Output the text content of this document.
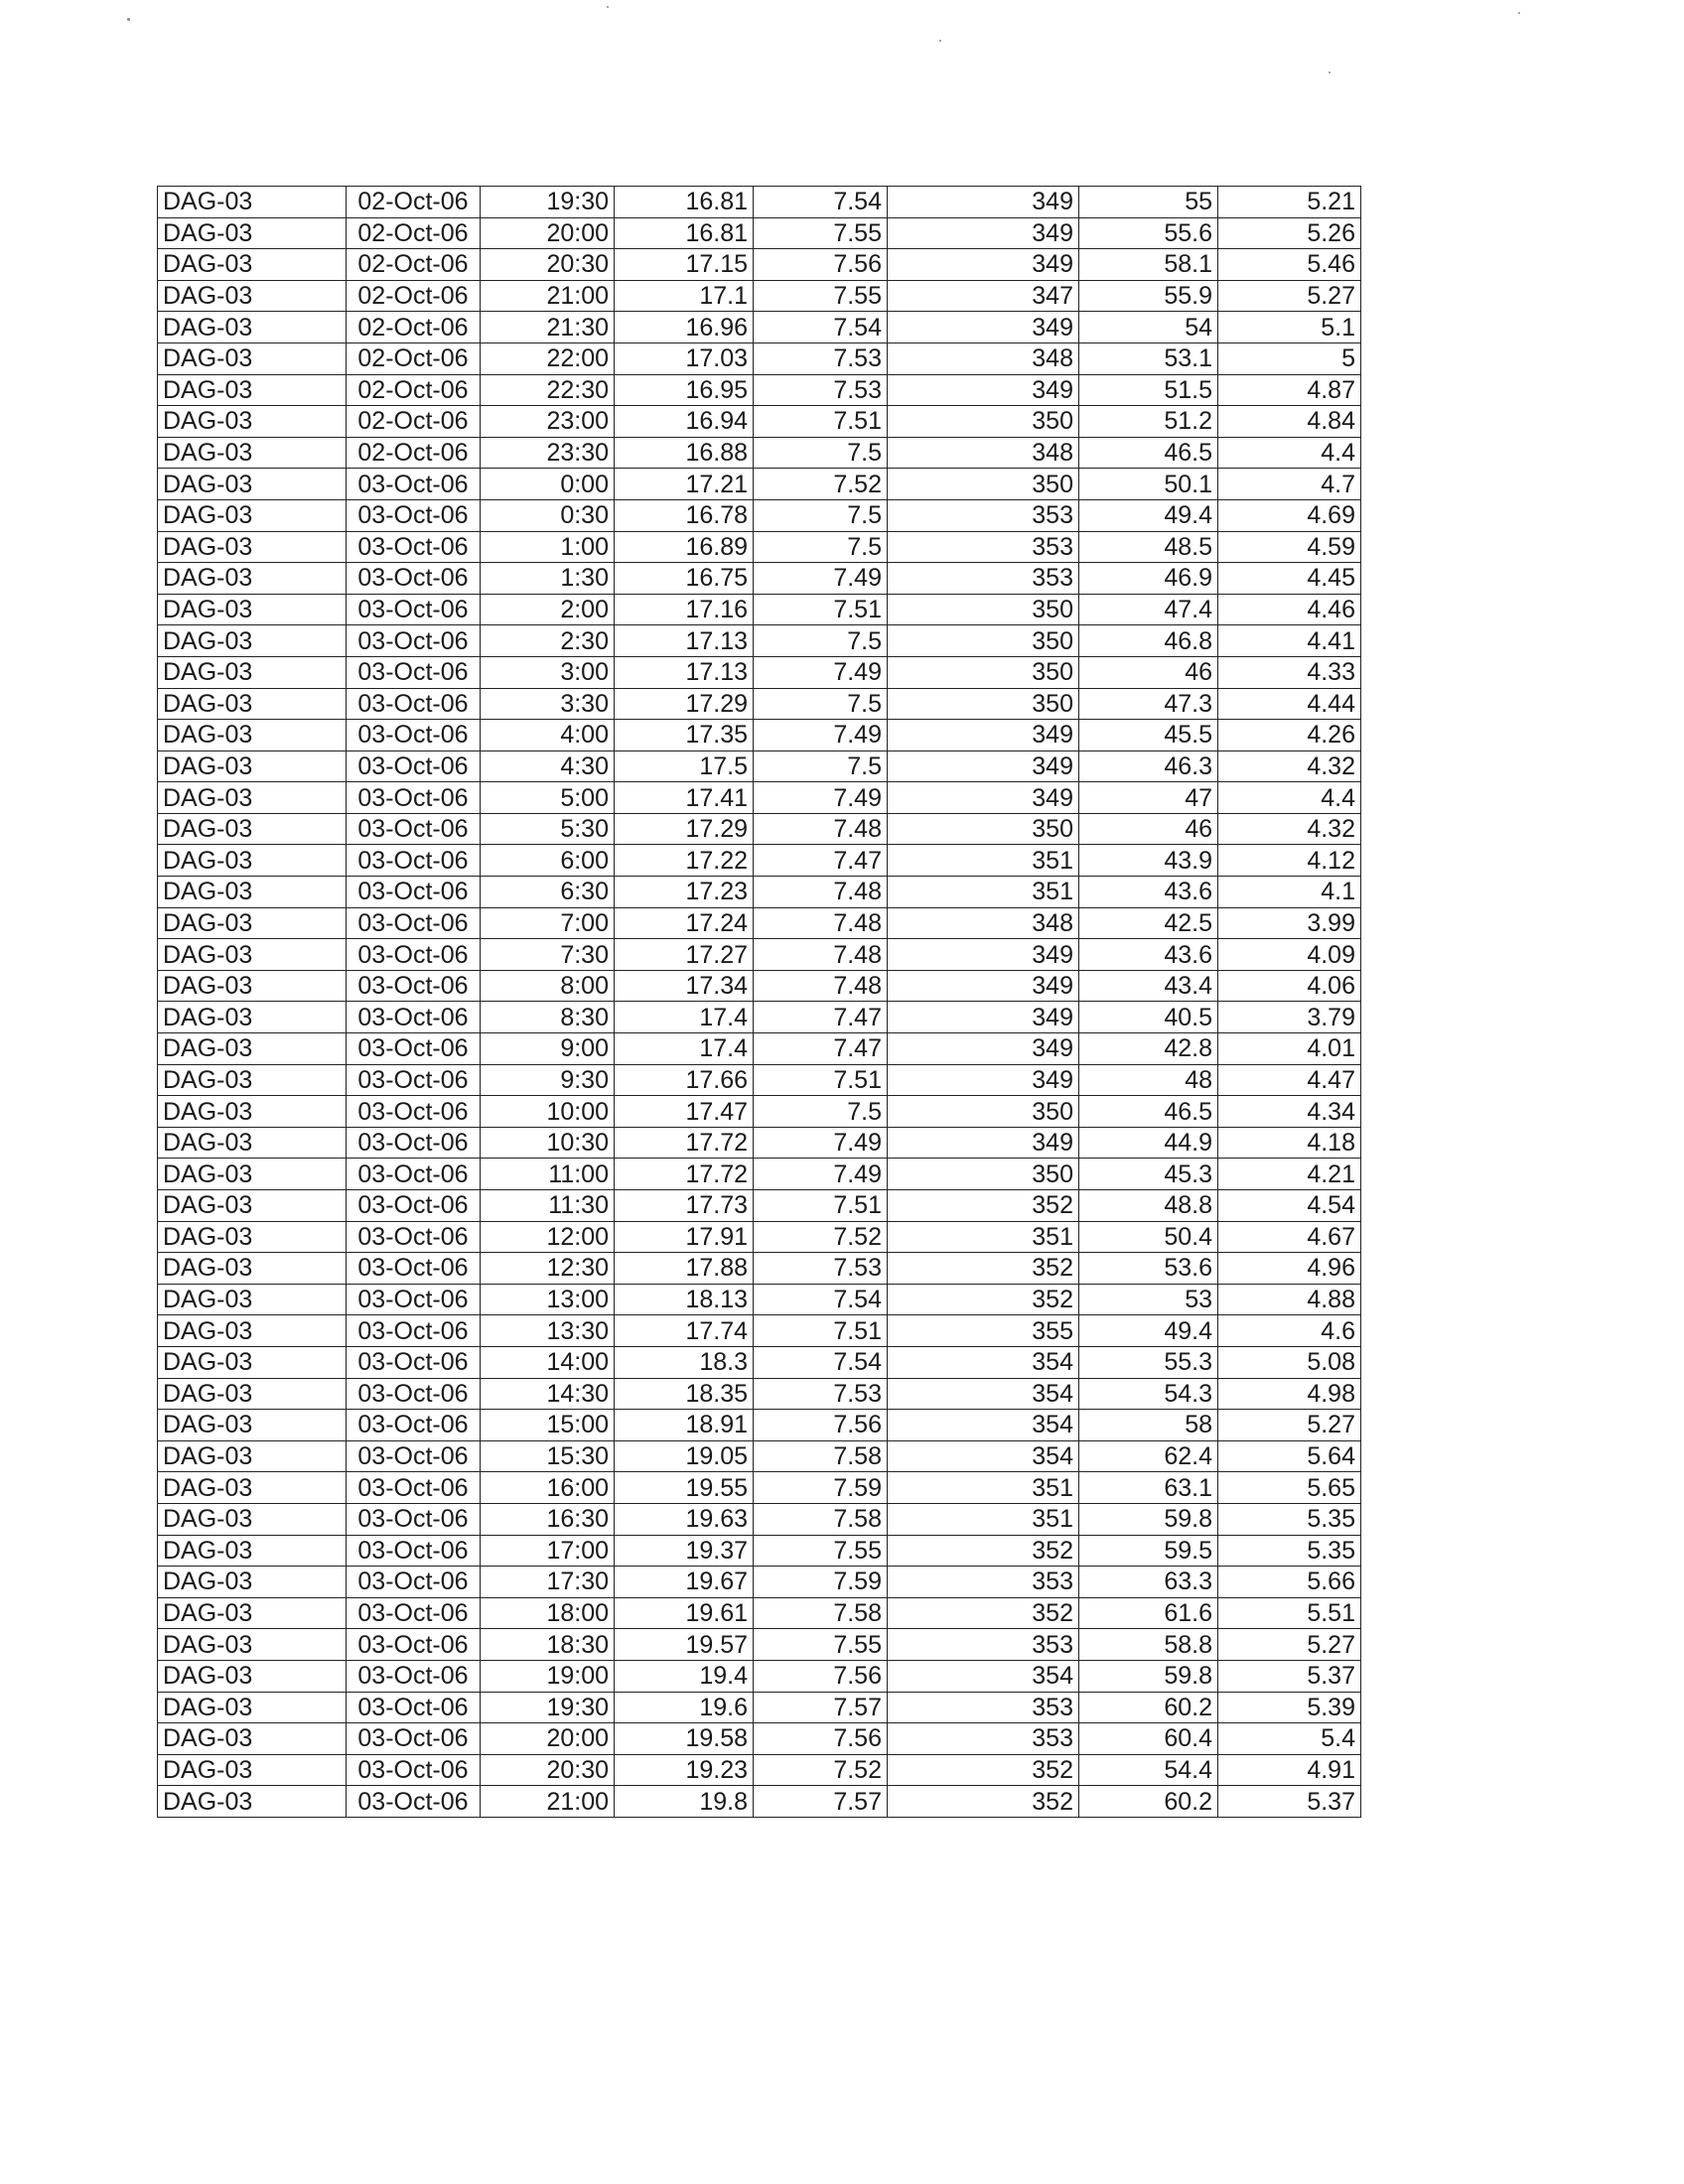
DAG-03	02-Oct-06	19:30	16.81	7.54	349	55	5.21
DAG-03	02-Oct-06	20:00	16.81	7.55	349	55.6	5.26
DAG-03	02-Oct-06	20:30	17.15	7.56	349	58.1	5.46
DAG-03	02-Oct-06	21:00	17.1	7.55	347	55.9	5.27
DAG-03	02-Oct-06	21:30	16.96	7.54	349	54	5.1
DAG-03	02-Oct-06	22:00	17.03	7.53	348	53.1	5
DAG-03	02-Oct-06	22:30	16.95	7.53	349	51.5	4.87
DAG-03	02-Oct-06	23:00	16.94	7.51	350	51.2	4.84
DAG-03	02-Oct-06	23:30	16.88	7.5	348	46.5	4.4
DAG-03	03-Oct-06	0:00	17.21	7.52	350	50.1	4.7
DAG-03	03-Oct-06	0:30	16.78	7.5	353	49.4	4.69
DAG-03	03-Oct-06	1:00	16.89	7.5	353	48.5	4.59
DAG-03	03-Oct-06	1:30	16.75	7.49	353	46.9	4.45
DAG-03	03-Oct-06	2:00	17.16	7.51	350	47.4	4.46
DAG-03	03-Oct-06	2:30	17.13	7.5	350	46.8	4.41
DAG-03	03-Oct-06	3:00	17.13	7.49	350	46	4.33
DAG-03	03-Oct-06	3:30	17.29	7.5	350	47.3	4.44
DAG-03	03-Oct-06	4:00	17.35	7.49	349	45.5	4.26
DAG-03	03-Oct-06	4:30	17.5	7.5	349	46.3	4.32
DAG-03	03-Oct-06	5:00	17.41	7.49	349	47	4.4
DAG-03	03-Oct-06	5:30	17.29	7.48	350	46	4.32
DAG-03	03-Oct-06	6:00	17.22	7.47	351	43.9	4.12
DAG-03	03-Oct-06	6:30	17.23	7.48	351	43.6	4.1
DAG-03	03-Oct-06	7:00	17.24	7.48	348	42.5	3.99
DAG-03	03-Oct-06	7:30	17.27	7.48	349	43.6	4.09
DAG-03	03-Oct-06	8:00	17.34	7.48	349	43.4	4.06
DAG-03	03-Oct-06	8:30	17.4	7.47	349	40.5	3.79
DAG-03	03-Oct-06	9:00	17.4	7.47	349	42.8	4.01
DAG-03	03-Oct-06	9:30	17.66	7.51	349	48	4.47
DAG-03	03-Oct-06	10:00	17.47	7.5	350	46.5	4.34
DAG-03	03-Oct-06	10:30	17.72	7.49	349	44.9	4.18
DAG-03	03-Oct-06	11:00	17.72	7.49	350	45.3	4.21
DAG-03	03-Oct-06	11:30	17.73	7.51	352	48.8	4.54
DAG-03	03-Oct-06	12:00	17.91	7.52	351	50.4	4.67
DAG-03	03-Oct-06	12:30	17.88	7.53	352	53.6	4.96
DAG-03	03-Oct-06	13:00	18.13	7.54	352	53	4.88
DAG-03	03-Oct-06	13:30	17.74	7.51	355	49.4	4.6
DAG-03	03-Oct-06	14:00	18.3	7.54	354	55.3	5.08
DAG-03	03-Oct-06	14:30	18.35	7.53	354	54.3	4.98
DAG-03	03-Oct-06	15:00	18.91	7.56	354	58	5.27
DAG-03	03-Oct-06	15:30	19.05	7.58	354	62.4	5.64
DAG-03	03-Oct-06	16:00	19.55	7.59	351	63.1	5.65
DAG-03	03-Oct-06	16:30	19.63	7.58	351	59.8	5.35
DAG-03	03-Oct-06	17:00	19.37	7.55	352	59.5	5.35
DAG-03	03-Oct-06	17:30	19.67	7.59	353	63.3	5.66
DAG-03	03-Oct-06	18:00	19.61	7.58	352	61.6	5.51
DAG-03	03-Oct-06	18:30	19.57	7.55	353	58.8	5.27
DAG-03	03-Oct-06	19:00	19.4	7.56	354	59.8	5.37
DAG-03	03-Oct-06	19:30	19.6	7.57	353	60.2	5.39
DAG-03	03-Oct-06	20:00	19.58	7.56	353	60.4	5.4
DAG-03	03-Oct-06	20:30	19.23	7.52	352	54.4	4.91
DAG-03	03-Oct-06	21:00	19.8	7.57	352	60.2	5.37
